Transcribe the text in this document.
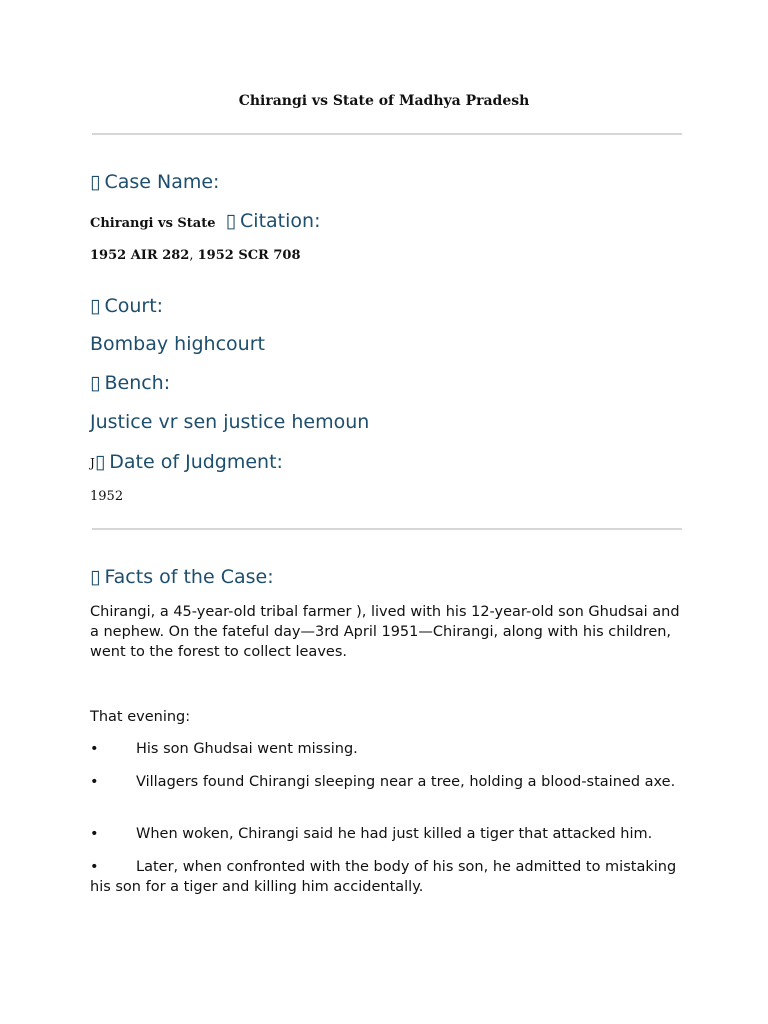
Chirangi vs State of Madhya Pradesh
▯ Case Name:
Chirangi vs State ▯ Citation:
1952 AIR 282, 1952 SCR 708
▯ Court:
Bombay highcourt
▯ Bench:
Justice vr sen justice hemoun
J▯ Date of Judgment:
1952
▯ Facts of the Case:
Chirangi, a 45-year-old tribal farmer ), lived with his 12-year-old son Ghudsai and a nephew. On the fateful day—3rd April 1951—Chirangi, along with his children, went to the forest to collect leaves.
That evening:
•	His son Ghudsai went missing.
•	Villagers found Chirangi sleeping near a tree, holding a blood-stained axe.
•	When woken, Chirangi said he had just killed a tiger that attacked him.
•	Later, when confronted with the body of his son, he admitted to mistaking his son for a tiger and killing him accidentally.
